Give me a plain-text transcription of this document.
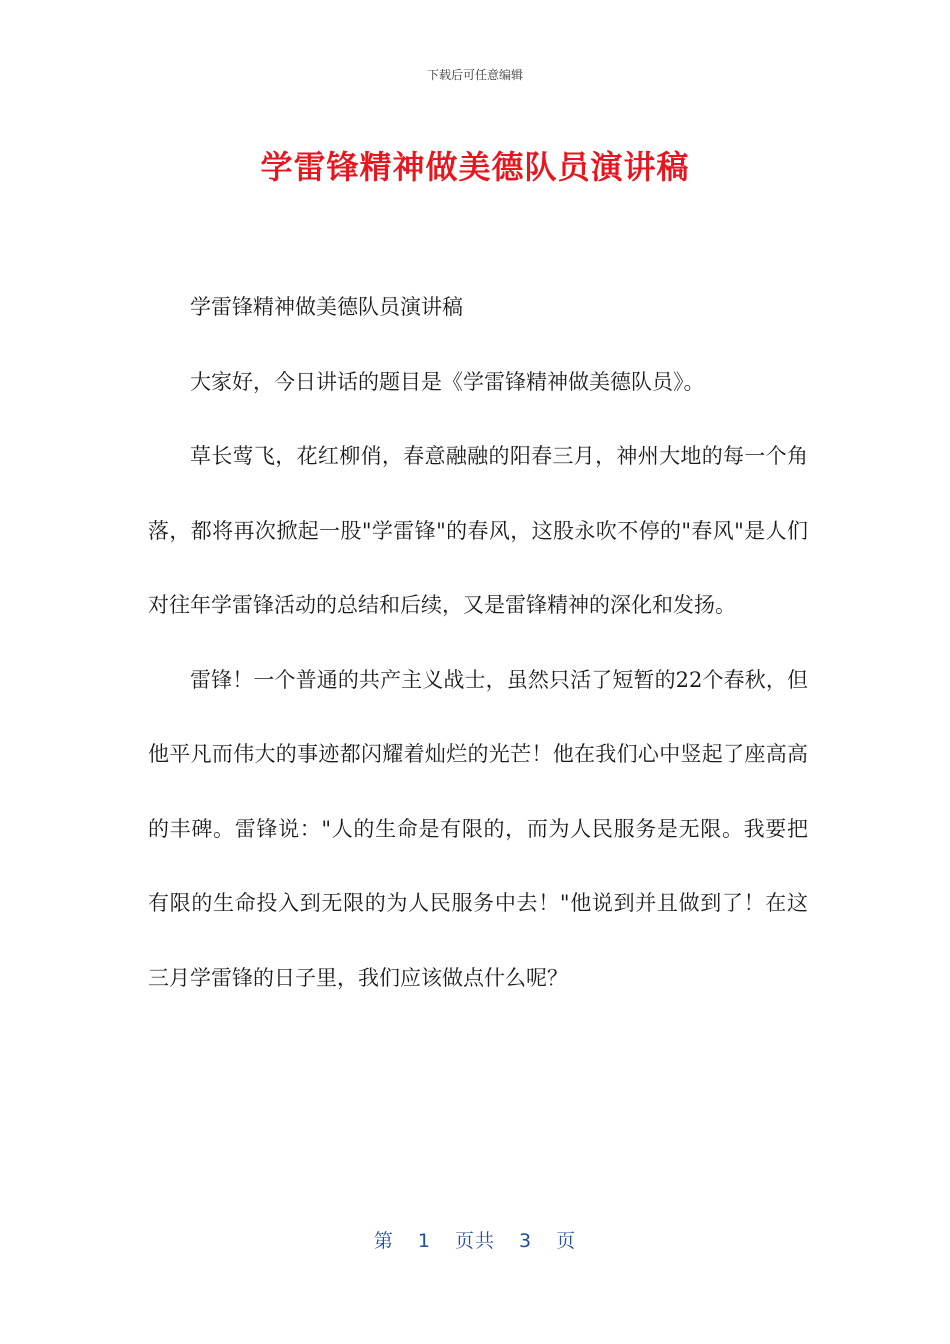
下载后可任意编辑
学雷锋精神做美德队员演讲稿

学雷锋精神做美德队员演讲稿

大家好，今日讲话的题目是《学雷锋精神做美德队员》。

草长莺飞，花红柳俏，春意融融的阳春三月，神州大地的每一个角落，都将再次掀起一股"学雷锋"的春风，这股永吹不停的"春风"是人们对往年学雷锋活动的总结和后续，又是雷锋精神的深化和发扬。

雷锋！一个普通的共产主义战士，虽然只活了短暂的22个春秋，但他平凡而伟大的事迹都闪耀着灿烂的光芒！他在我们心中竖起了座高高的丰碑。雷锋说："人的生命是有限的，而为人民服务是无限。我要把有限的生命投入到无限的为人民服务中去！"他说到并且做到了！在这三月学雷锋的日子里，我们应该做点什么呢？

第 1 页共 3 页
